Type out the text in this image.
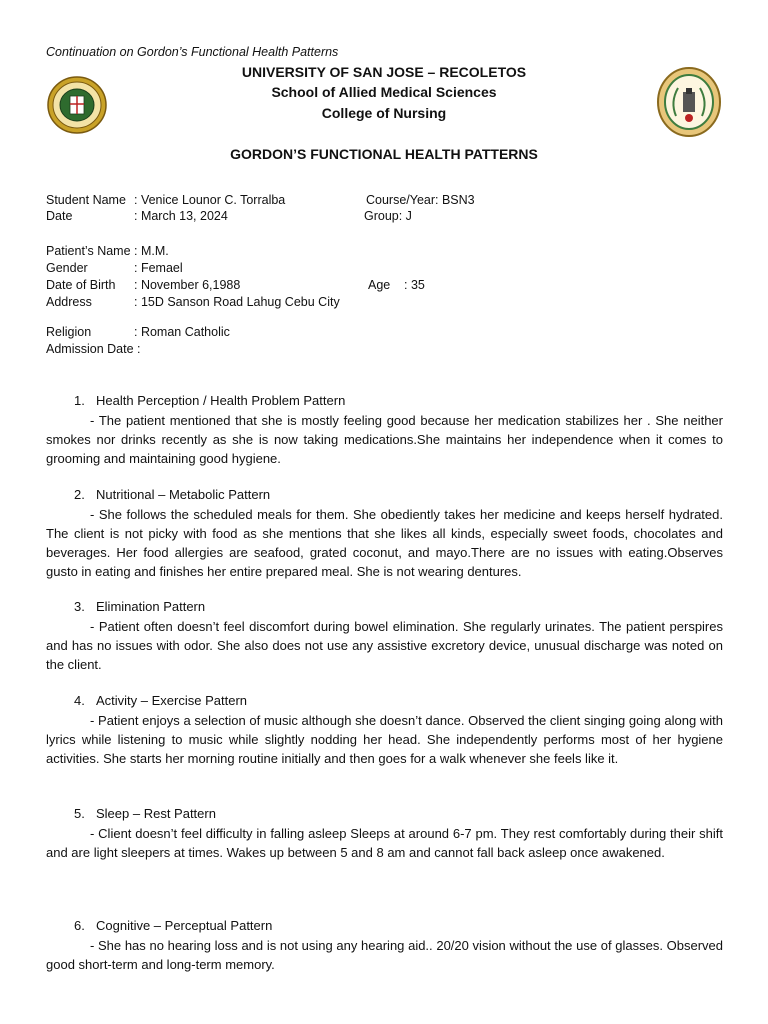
Continuation on Gordon’s Functional Health Patterns
UNIVERSITY OF SAN JOSE – RECOLETOS
School of Allied Medical Sciences
College of Nursing
GORDON’S FUNCTIONAL HEALTH PATTERNS
Student Name : Venice Lounor C. Torralba	Course/Year: BSN3
Date	: March 13, 2024	Group: J
Patient’s Name : M.M.
Gender	: Femael
Date of Birth : November 6,1988	Age : 35
Address	: 15D Sanson Road Lahug Cebu City
Religion	: Roman Catholic
Admission Date :
1. Health Perception / Health Problem Pattern
- The patient mentioned that she is mostly feeling good because her medication stabilizes her . She neither smokes nor drinks recently as she is now taking medications.She maintains her independence when it comes to grooming and maintaining good hygiene.
2. Nutritional – Metabolic Pattern
- She follows the scheduled meals for them. She obediently takes her medicine and keeps herself hydrated. The client is not picky with food as she mentions that she likes all kinds, especially sweet foods, chocolates and beverages. Her food allergies are seafood, grated coconut, and mayo.There are no issues with eating.Observes gusto in eating and finishes her entire prepared meal. She is not wearing dentures.
3. Elimination Pattern
- Patient often doesn’t feel discomfort during bowel elimination. She regularly urinates. The patient perspires and has no issues with odor. She also does not use any assistive excretory device, unusual discharge was noted on the client.
4. Activity – Exercise Pattern
- Patient enjoys a selection of music although she doesn’t dance. Observed the client singing going along with lyrics while listening to music while slightly nodding her head. She independently performs most of her hygiene activities. She starts her morning routine initially and then goes for a walk whenever she feels like it.
5. Sleep – Rest Pattern
- Client doesn’t feel difficulty in falling asleep Sleeps at around 6-7 pm. They rest comfortably during their shift and are light sleepers at times. Wakes up between 5 and 8 am and cannot fall back asleep once awakened.
6. Cognitive – Perceptual Pattern
- She has no hearing loss and is not using any hearing aid.. 20/20 vision without the use of glasses. Observed good short-term and long-term memory.
